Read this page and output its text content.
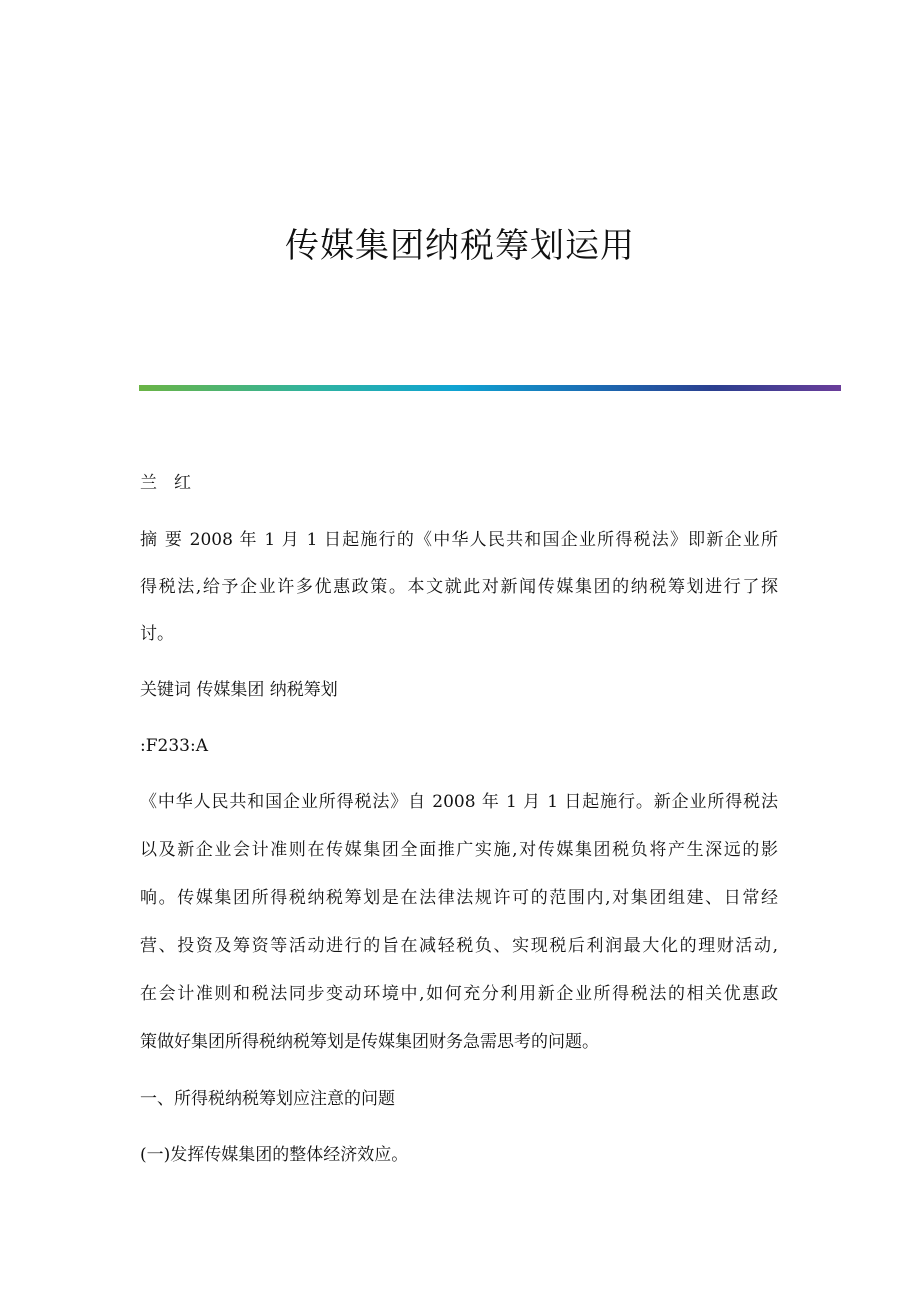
传媒集团纳税筹划运用
兰　红
摘 要 2008 年 1 月 1 日起施行的《中华人民共和国企业所得税法》即新企业所
得税法,给予企业许多优惠政策。本文就此对新闻传媒集团的纳税筹划进行了探
讨。
关键词 传媒集团 纳税筹划
:F233:A
《中华人民共和国企业所得税法》自 2008 年 1 月 1 日起施行。新企业所得税法
以及新企业会计准则在传媒集团全面推广实施,对传媒集团税负将产生深远的影
响。传媒集团所得税纳税筹划是在法律法规许可的范围内,对集团组建、日常经
营、投资及筹资等活动进行的旨在减轻税负、实现税后利润最大化的理财活动,
在会计准则和税法同步变动环境中,如何充分利用新企业所得税法的相关优惠政
策做好集团所得税纳税筹划是传媒集团财务急需思考的问题。
一、所得税纳税筹划应注意的问题
(一)发挥传媒集团的整体经济效应。
